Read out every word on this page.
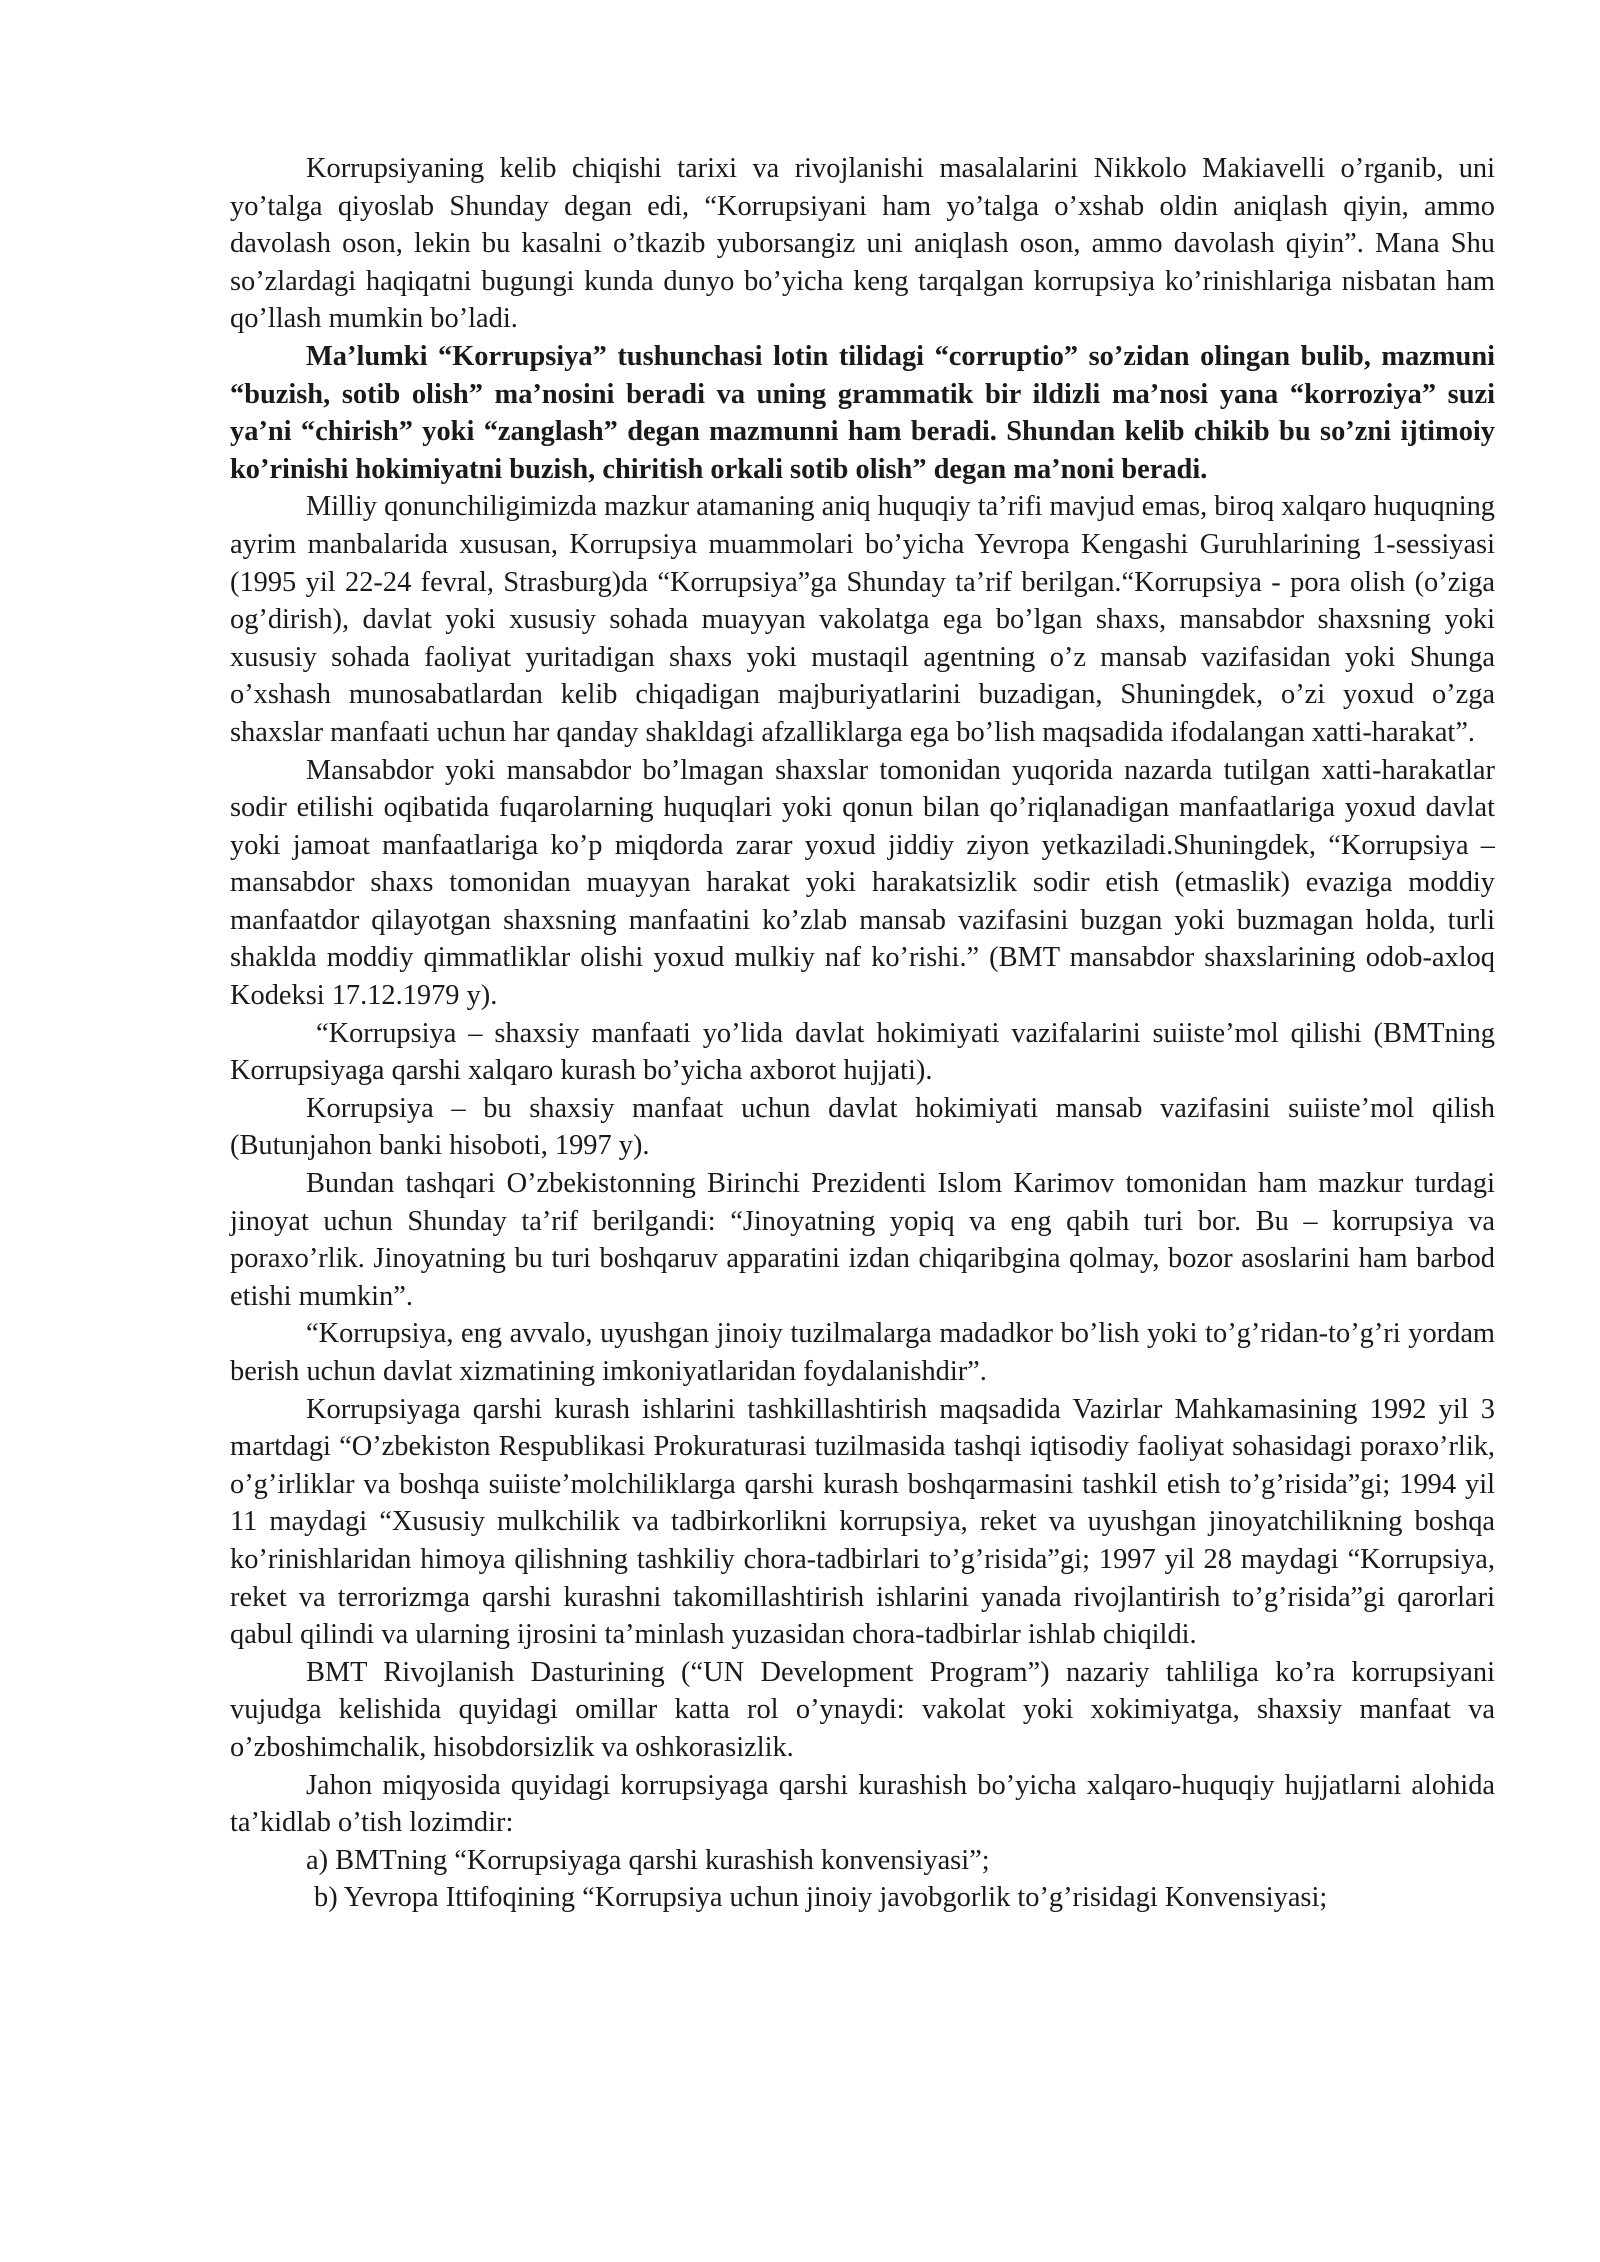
Korrupsiyaning kelib chiqishi tarixi va rivojlanishi masalalarini Nikkolo Makiavelli o’rganib, uni yo’talga qiyoslab Shunday degan edi, “Korrupsiyani ham yo’talga o’xshab oldin aniqlash qiyin, ammo davolash oson, lekin bu kasalni o’tkazib yuborsangiz uni aniqlash oson, ammo davolash qiyin”. Mana Shu so’zlardagi haqiqatni bugungi kunda dunyo bo’yicha keng tarqalgan korrupsiya ko’rinishlariga nisbatan ham qo’llash mumkin bo’ladi.

Ma’lumki “Korrupsiya” tushunchasi lotin tilidagi “corruptio” so’zidan olingan bulib, mazmuni “buzish, sotib olish” ma’nosini beradi va uning grammatik bir ildizli ma’nosi yana “korroziya” suzi ya’ni “chirish” yoki “zanglash” degan mazmunni ham beradi. Shundan kelib chikib bu so’zni ijtimoiy ko’rinishi hokimiyatni buzish, chiritish orkali sotib olish” degan ma’noni beradi.

Milliy qonunchiligimizda mazkur atamaning aniq huquqiy ta’rifi mavjud emas, biroq xalqaro huquqning ayrim manbalarida xususan, Korrupsiya muammolari bo’yicha Yevropa Kengashi Guruhlarining 1-sessiyasi (1995 yil 22-24 fevral, Strasburg)da “Korrupsiya”ga Shunday ta’rif berilgan.“Korrupsiya - pora olish (o’ziga og’dirish), davlat yoki xususiy sohada muayyan vakolatga ega bo’lgan shaxs, mansabdor shaxsning yoki xususiy sohada faoliyat yuritadigan shaxs yoki mustaqil agentning o’z mansab vazifasidan yoki Shunga o’xshash munosabatlardan kelib chiqadigan majburiyatlarini buzadigan, Shuningdek, o’zi yoxud o’zga shaxslar manfaati uchun har qanday shakldagi afzalliklarga ega bo’lish maqsadida ifodalangan xatti-harakat”.

Mansabdor yoki mansabdor bo’lmagan shaxslar tomonidan yuqorida nazarda tutilgan xatti-harakatlar sodir etilishi oqibatida fuqarolarning huquqlari yoki qonun bilan qo’riqlanadigan manfaatlariga yoxud davlat yoki jamoat manfaatlariga ko’p miqdorda zarar yoxud jiddiy ziyon yetkaziladi.Shuningdek, “Korrupsiya – mansabdor shaxs tomonidan muayyan harakat yoki harakatsizlik sodir etish (etmaslik) evaziga moddiy manfaatdor qilayotgan shaxsning manfaatini ko’zlab mansab vazifasini buzgan yoki buzmagan holda, turli shaklda moddiy qimmatliklar olishi yoxud mulkiy naf ko’rishi.” (BMT mansabdor shaxslarining odob-axloq Kodeksi 17.12.1979 y).

“Korrupsiya – shaxsiy manfaati yo’lida davlat hokimiyati vazifalarini suiiste’mol qilishi (BMTning Korrupsiyaga qarshi xalqaro kurash bo’yicha axborot hujjati).

Korrupsiya – bu shaxsiy manfaat uchun davlat hokimiyati mansab vazifasini suiiste’mol qilish (Butunjahon banki hisoboti, 1997 y).

Bundan tashqari O’zbekistonning Birinchi Prezidenti Islom Karimov tomonidan ham mazkur turdagi jinoyat uchun Shunday ta’rif berilgandi: “Jinoyatning yopiq va eng qabih turi bor. Bu – korrupsiya va poraxo’rlik. Jinoyatning bu turi boshqaruv apparatini izdan chiqaribgina qolmay, bozor asoslarini ham barbod etishi mumkin”.

“Korrupsiya, eng avvalo, uyushgan jinoiy tuzilmalarga madadkor bo’lish yoki to’g’ridan-to’g’ri yordam berish uchun davlat xizmatining imkoniyatlaridan foydalanishdir”.

Korrupsiyaga qarshi kurash ishlarini tashkillashtirish maqsadida Vazirlar Mahkamasining 1992 yil 3 martdagi “O’zbekiston Respublikasi Prokuraturasi tuzilmasida tashqi iqtisodiy faoliyat sohasidagi poraxo’rlik, o’g’irliklar va boshqa suiiste’molchiliklarga qarshi kurash boshqarmasini tashkil etish to’g’risida”gi; 1994 yil 11 maydagi “Xususiy mulkchilik va tadbirkorlikni korrupsiya, reket va uyushgan jinoyatchilikning boshqa ko’rinishlaridan himoya qilishning tashkiliy chora-tadbirlari to’g’risida”gi; 1997 yil 28 maydagi “Korrupsiya, reket va terrorizmga qarshi kurashni takomillashtirish ishlarini yanada rivojlantirish to’g’risida”gi qarorlari qabul qilindi va ularning ijrosini ta’minlash yuzasidan chora-tadbirlar ishlab chiqildi.

BMT Rivojlanish Dasturining (“UN Development Program”) nazariy tahliliga ko’ra korrupsiyani vujudga kelishida quyidagi omillar katta rol o’ynaydi: vakolat yoki xokimiyatga, shaxsiy manfaat va o’zboshimchalik, hisobdorsizlik va oshkorasizlik.

Jahon miqyosida quyidagi korrupsiyaga qarshi kurashish bo’yicha xalqaro-huquqiy hujjatlarni alohida ta’kidlab o’tish lozimdir:

a) BMTning “Korrupsiyaga qarshi kurashish konvensiyasi”;

b) Yevropa Ittifoqining “Korrupsiya uchun jinoiy javobgorlik to’g’risidagi Konvensiyasi;
